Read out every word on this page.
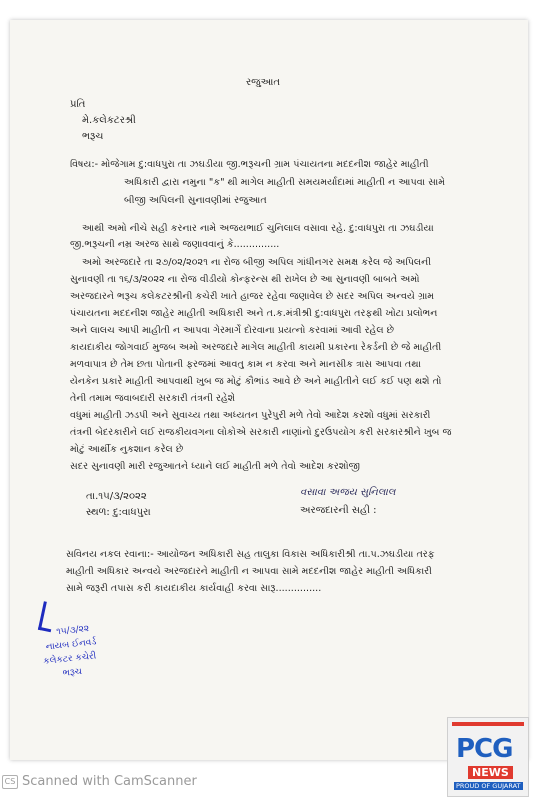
રજુઆત
પ્રતિ
મે.કલેકટરશ્રી
ભરૂચ
વિષય:- મોજેગામ દુ:વાધપુરા તા ઝઘડીયા જી.ભરૂચની ગ્રામ પંચાયતના મદદનીશ જાહેર માહીતી
અધિકારી દ્વારા નમુના "ક" થી માગેલ માહીતી સમયમર્યાદામાં માહીતી ન આપવા સામે
બીજી અપિલની સુનાવણીમાં રજુઆત
આથી અમો નીચે સહી કરનાર નામે અજયભાઈ ચુનિલાલ વસાવા રહે. દુ:વાધપુરા તા ઝઘડીયા
જી.ભરૂચની નમ્ર અરજ સાથે જણાવવાનું કે...............
અમો અરજદારે તા ૨૭/૦૨/૨૦૨૧ ના રોજ બીજી અપિલ ગાંધીનગર સમક્ષ કરેલ જે અપિલની
સુનાવણી તા ૧૬/૩/૨૦૨૨ ના રોજ વીડીયો કોન્ફરન્સ થી રાખેલ છે આ સુનાવણી બાબતે અમો
અરજદારને ભરૂચ કલેકટરશ્રીની કચેરી ખાતે હાજર રહેવા જણાવેલ છે સદર અપિલ અન્વયે ગ્રામ
પંચાયતના મદદનીશ જાહેર માહીતી અધિકારી અને ત.ક.મંત્રીશ્રી દુ:વાધપુરા તરફથી ખોટા પ્રલોભન
અને લાલચ આપી માહીતી ન આપવા ગેરમાર્ગે દોરવાના પ્રયત્નો કરવામાં આવી રહેલ છે
કાયદાકીય જોગવાઈ મુજબ અમો અરજદારે માગેલ માહીતી કાયમી પ્રકારના રેકર્ડની છે જે માહીતી
મળવાપાત્ર છે તેમ છતા પોતાની ફરજમાં આવતુ કામ ન કરવા અને માનસીક ત્રાસ આપવા તથા
યેનકેન પ્રકારે માહીતી આપવાથી ખુબ જ મોટું કૌભાંડ આવે છે અને માહીતીને લઈ કઈ પણ થશે તો
તેની તમામ જવાબદારી સરકારી તંત્રની રહેશે
વધુમાં માહીતી ઝડપી અને સુવાચ્ય તથા અધ્યતન પુરેપુરી મળે તેવો આદેશ કરશો વધુમાં સરકારી
તંત્રની બેદરકારીને લઈ રાજકીયવગના લોકોએ સરકારી નાણાંનો દુરઉપયોગ કરી સરકારશ્રીને ખુબ જ
મોટું આર્થીક નુકશાન કરેલ છે
સદર સુનાવણી મારી રજુઆતને ધ્યાને લઈ માહીતી મળે તેવો આદેશ કરશોજી
તા.૧૫/૩/૨૦૨૨
સ્થળ: દુ:વાધપુરા
વસાવા અજય સુનિલાલ
અરજદારની સહી :
સવિનય નકલ રવાના:- આયોજન અધિકારી સહ તાલુકા વિકાસ અધિકારીશ્રી તા.પ.ઝઘડીયા તરફ
માહીતી અધિકાર અન્વયે અરજદારને માહીતી ન આપવા સામે મદદનીશ જાહેર માહીતી અધિકારી
સામે જરૂરી તપાસ કરી કાયદાકીય કાર્યવાહી કરવા સારૂ...............
૧૫/૩/૨૨
નાયબ ઈનવર્ડ
કલેકટર કચેરી
ભરૂચ
PCG
NEWS
PROUD OF GUJARAT
CS Scanned with CamScanner
